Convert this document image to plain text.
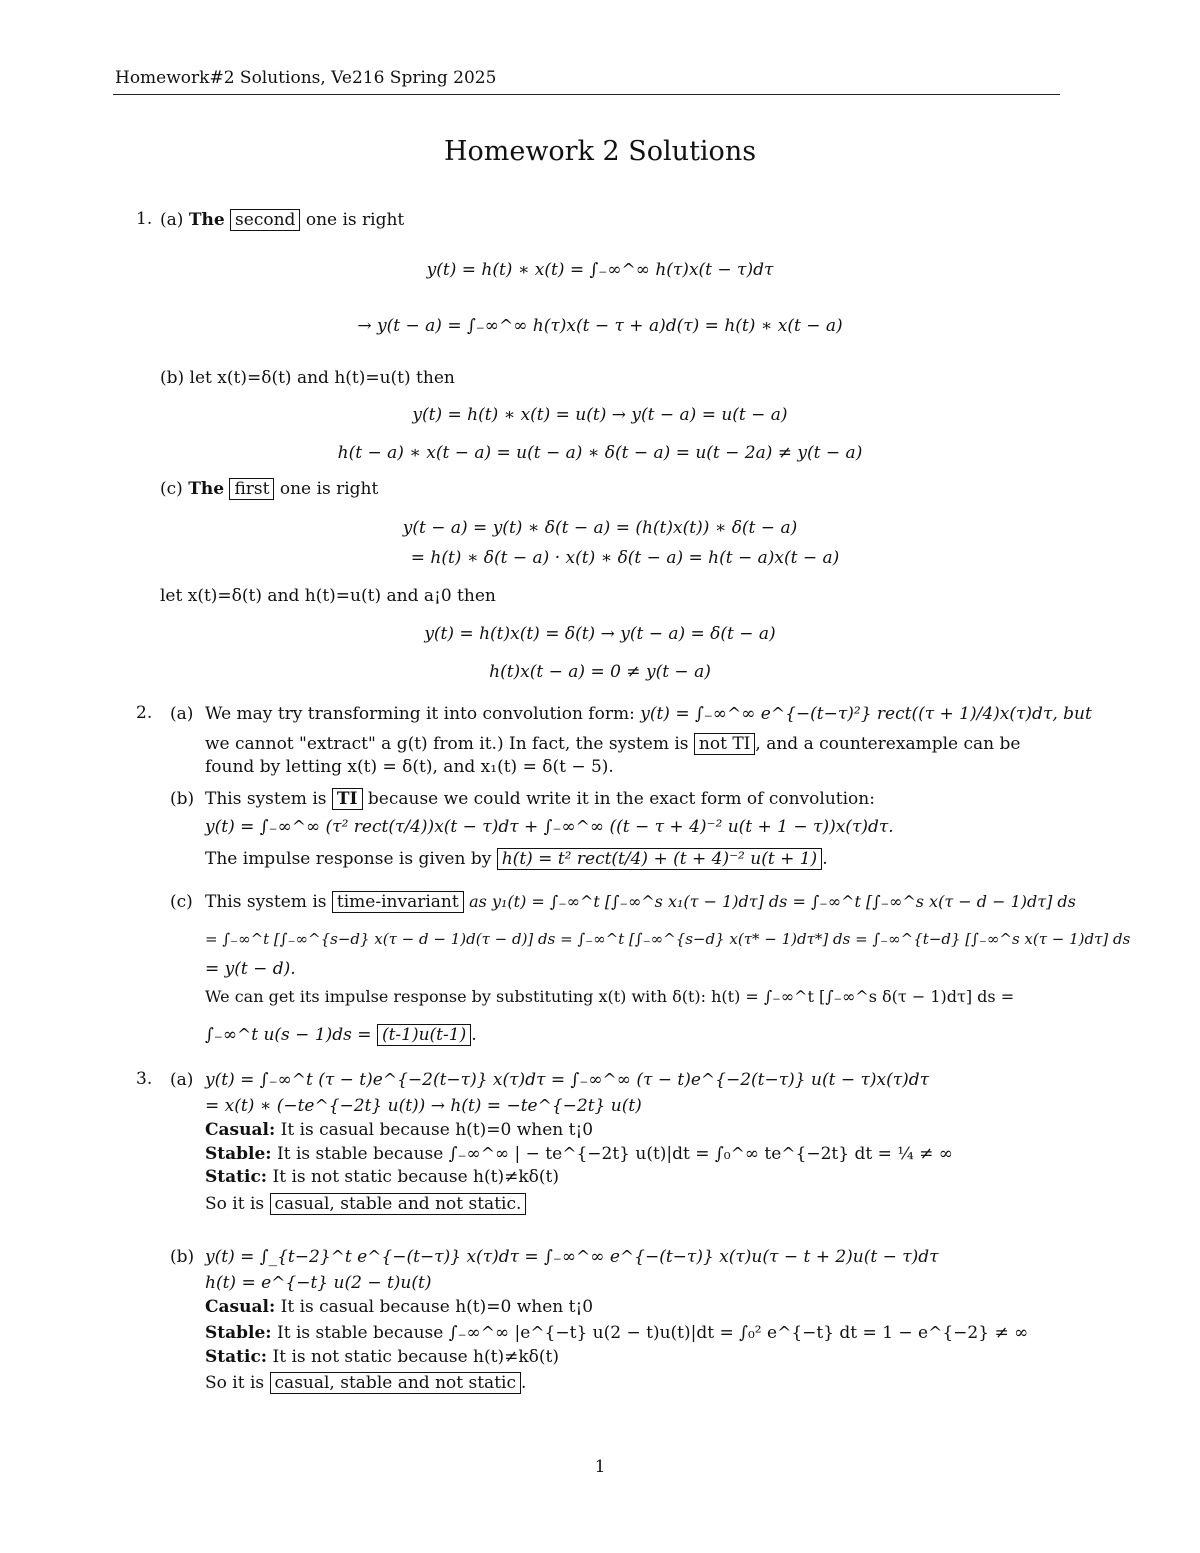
Homework#2 Solutions, Ve216 Spring 2025
Homework 2 Solutions
1. (a) The second one is right
y(t) = h(t) ∗ x(t) = ∫₋∞^∞ h(τ)x(t − τ)dτ
→ y(t − a) = ∫₋∞^∞ h(τ)x(t − τ + a)d(τ) = h(t) ∗ x(t − a)
(b) let x(t)=δ(t) and h(t)=u(t) then
y(t) = h(t) ∗ x(t) = u(t) → y(t − a) = u(t − a)
h(t − a) ∗ x(t − a) = u(t − a) ∗ δ(t − a) = u(t − 2a) ≠ y(t − a)
(c) The first one is right
y(t − a) = y(t) ∗ δ(t − a) = (h(t)x(t)) ∗ δ(t − a)
= h(t) ∗ δ(t − a) · x(t) ∗ δ(t − a) = h(t − a)x(t − a)
let x(t)=δ(t) and h(t)=u(t) and a¡0 then
y(t) = h(t)x(t) = δ(t) → y(t − a) = δ(t − a)
h(t)x(t − a) = 0 ≠ y(t − a)
2. (a) We may try transforming it into convolution form: y(t) = ∫₋∞^∞ e^{−(t−τ)²} rect((τ + 1)/4)x(τ)dτ, but
we cannot "extract" a g(t) from it.) In fact, the system is not TI , and a counterexample can be
found by letting x(t) = δ(t), and x₁(t) = δ(t − 5).
(b) This system is TI because we could write it in the exact form of convolution:
y(t) = ∫₋∞^∞ (τ² rect(τ/4))x(t − τ)dτ + ∫₋∞^∞ ((t − τ + 4)⁻² u(t + 1 − τ))x(τ)dτ.
The impulse response is given by h(t) = t² rect(t/4) + (t + 4)⁻² u(t + 1) .
(c) This system is time-invariant as y₁(t) = ∫₋∞^t [∫₋∞^s x₁(τ − 1)dτ] ds = ∫₋∞^t [∫₋∞^s x(τ − d − 1)dτ] ds
= ∫₋∞^t [∫₋∞^{s−d} x(τ − d − 1)d(τ − d)] ds = ∫₋∞^t [∫₋∞^{s−d} x(τ* − 1)dτ*] ds = ∫₋∞^{t−d} [∫₋∞^s x(τ − 1)dτ] ds
= y(t − d).
We can get its impulse response by substituting x(t) with δ(t): h(t) = ∫₋∞^t [∫₋∞^s δ(τ − 1)dτ] ds =
∫₋∞^t u(s − 1)ds = (t-1)u(t-1) .
3. (a) y(t) = ∫₋∞^t (τ − t)e^{−2(t−τ)} x(τ)dτ = ∫₋∞^∞ (τ − t)e^{−2(t−τ)} u(t − τ)x(τ)dτ
= x(t) ∗ (−te^{−2t} u(t)) → h(t) = −te^{−2t} u(t)
Casual: It is casual because h(t)=0 when t¡0
Stable: It is stable because ∫₋∞^∞ | − te^{−2t} u(t)|dt = ∫₀^∞ te^{−2t} dt = ¼ ≠ ∞
Static: It is not static because h(t)≠kδ(t)
So it is casual, stable and not static.
(b) y(t) = ∫_{t−2}^t e^{−(t−τ)} x(τ)dτ = ∫₋∞^∞ e^{−(t−τ)} x(τ)u(τ − t + 2)u(t − τ)dτ
h(t) = e^{−t} u(2 − t)u(t)
Casual: It is casual because h(t)=0 when t¡0
Stable: It is stable because ∫₋∞^∞ |e^{−t} u(2 − t)u(t)|dt = ∫₀² e^{−t} dt = 1 − e^{−2} ≠ ∞
Static: It is not static because h(t)≠kδ(t)
So it is casual, stable and not static .
1
